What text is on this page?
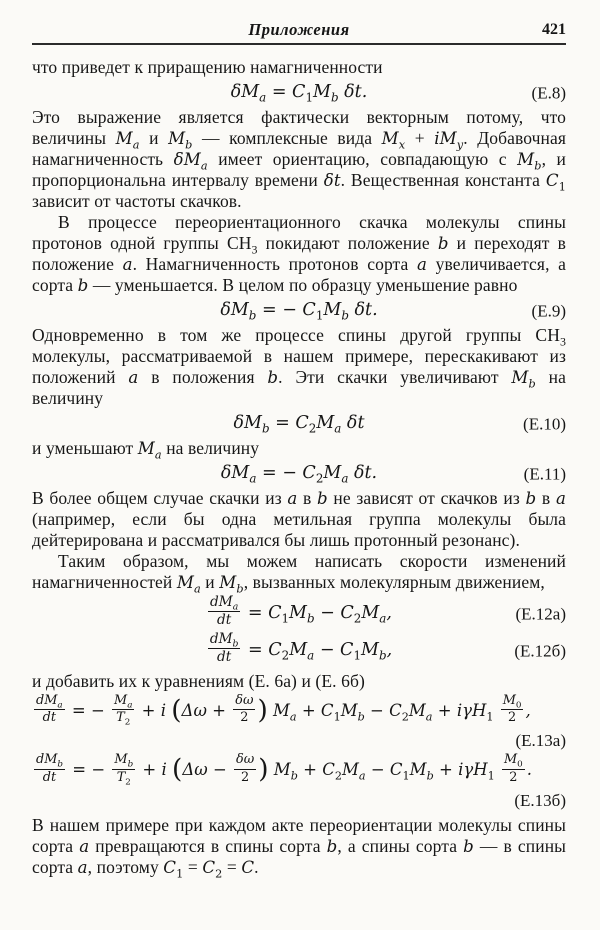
Приложения	421

что приведет к приращению намагниченности

$\delta M_a = C_1M_b$ δt.	(Е.8)

Это выражение является фактически векторным потому, что величины $M_a$ и $M_b$ — комплексные вида $M_x + iM_y$. Добавочная намагниченность $\delta M_a$ имеет ориентацию, совпадающую с $M_b$, и пропорциональна интервалу времени δt. Вещественная константа $C_1$ зависит от частоты скачков.

В процессе переориентационного скачка молекулы спины протонов одной группы $CH_3$ покидают положение b и переходят в положение a. Намагниченность протонов сорта a увеличивается, а сорта b — уменьшается. В целом по образцу уменьшение равно

$\delta M_b$ = − $C_1M_b$ δt.	(Е.9)

Одновременно в том же процессе спины другой группы $CH_3$ молекулы, рассматриваемой в нашем примере, перескакивают из положений a в положения b. Эти скачки увеличивают $M_b$ на величину

$\delta M_b = C_2M_a$ δt	(Е.10)

и уменьшают $M_a$ на величину

$\delta M_a$ = − $C_2M_a$ δt.	(Е.11)

В более общем случае скачки из a в b не зависят от скачков из b в a (например, если бы одна метильная группа молекулы была дейтерирована и рассматривался бы лишь протонный резонанс).

Таким образом, мы можем написать скорости изменений намагниченностей $M_a$ и $M_b$, вызванных молекулярным движением,

$\frac{dM_a}{dt} = C_1M_b - C_2M_a$,	(Е.12а)
$\frac{dM_b}{dt} = C_2M_a - C_1M_b$,	(Е.12б)

и добавить их к уравнениям (Е. 6а) и (Е. 6б)

$\frac{dM_a}{dt}$ = − $\frac{M_a}{T_2} + i$ ($\Delta\omega + \frac{\delta\omega}{2}$ ) $M_a + C_1M_b - C_2M_a + i\gamma H_1 \frac{M_0}{2}$ ,
(Е.13а)
$\frac{dM_b}{dt}$ = − $\frac{M_b}{T_2} + i$ ($\Delta\omega - \frac{\delta\omega}{2}$ ) $M_b + C_2M_a - C_1M_b + i\gamma H_1 \frac{M_0}{2}$ .
(Е.13б)

В нашем примере при каждом акте переориентации молекулы спины сорта a превращаются в спины сорта b, а спины сорта b — в спины сорта a, поэтому $C_1 = C_2 = C$.
